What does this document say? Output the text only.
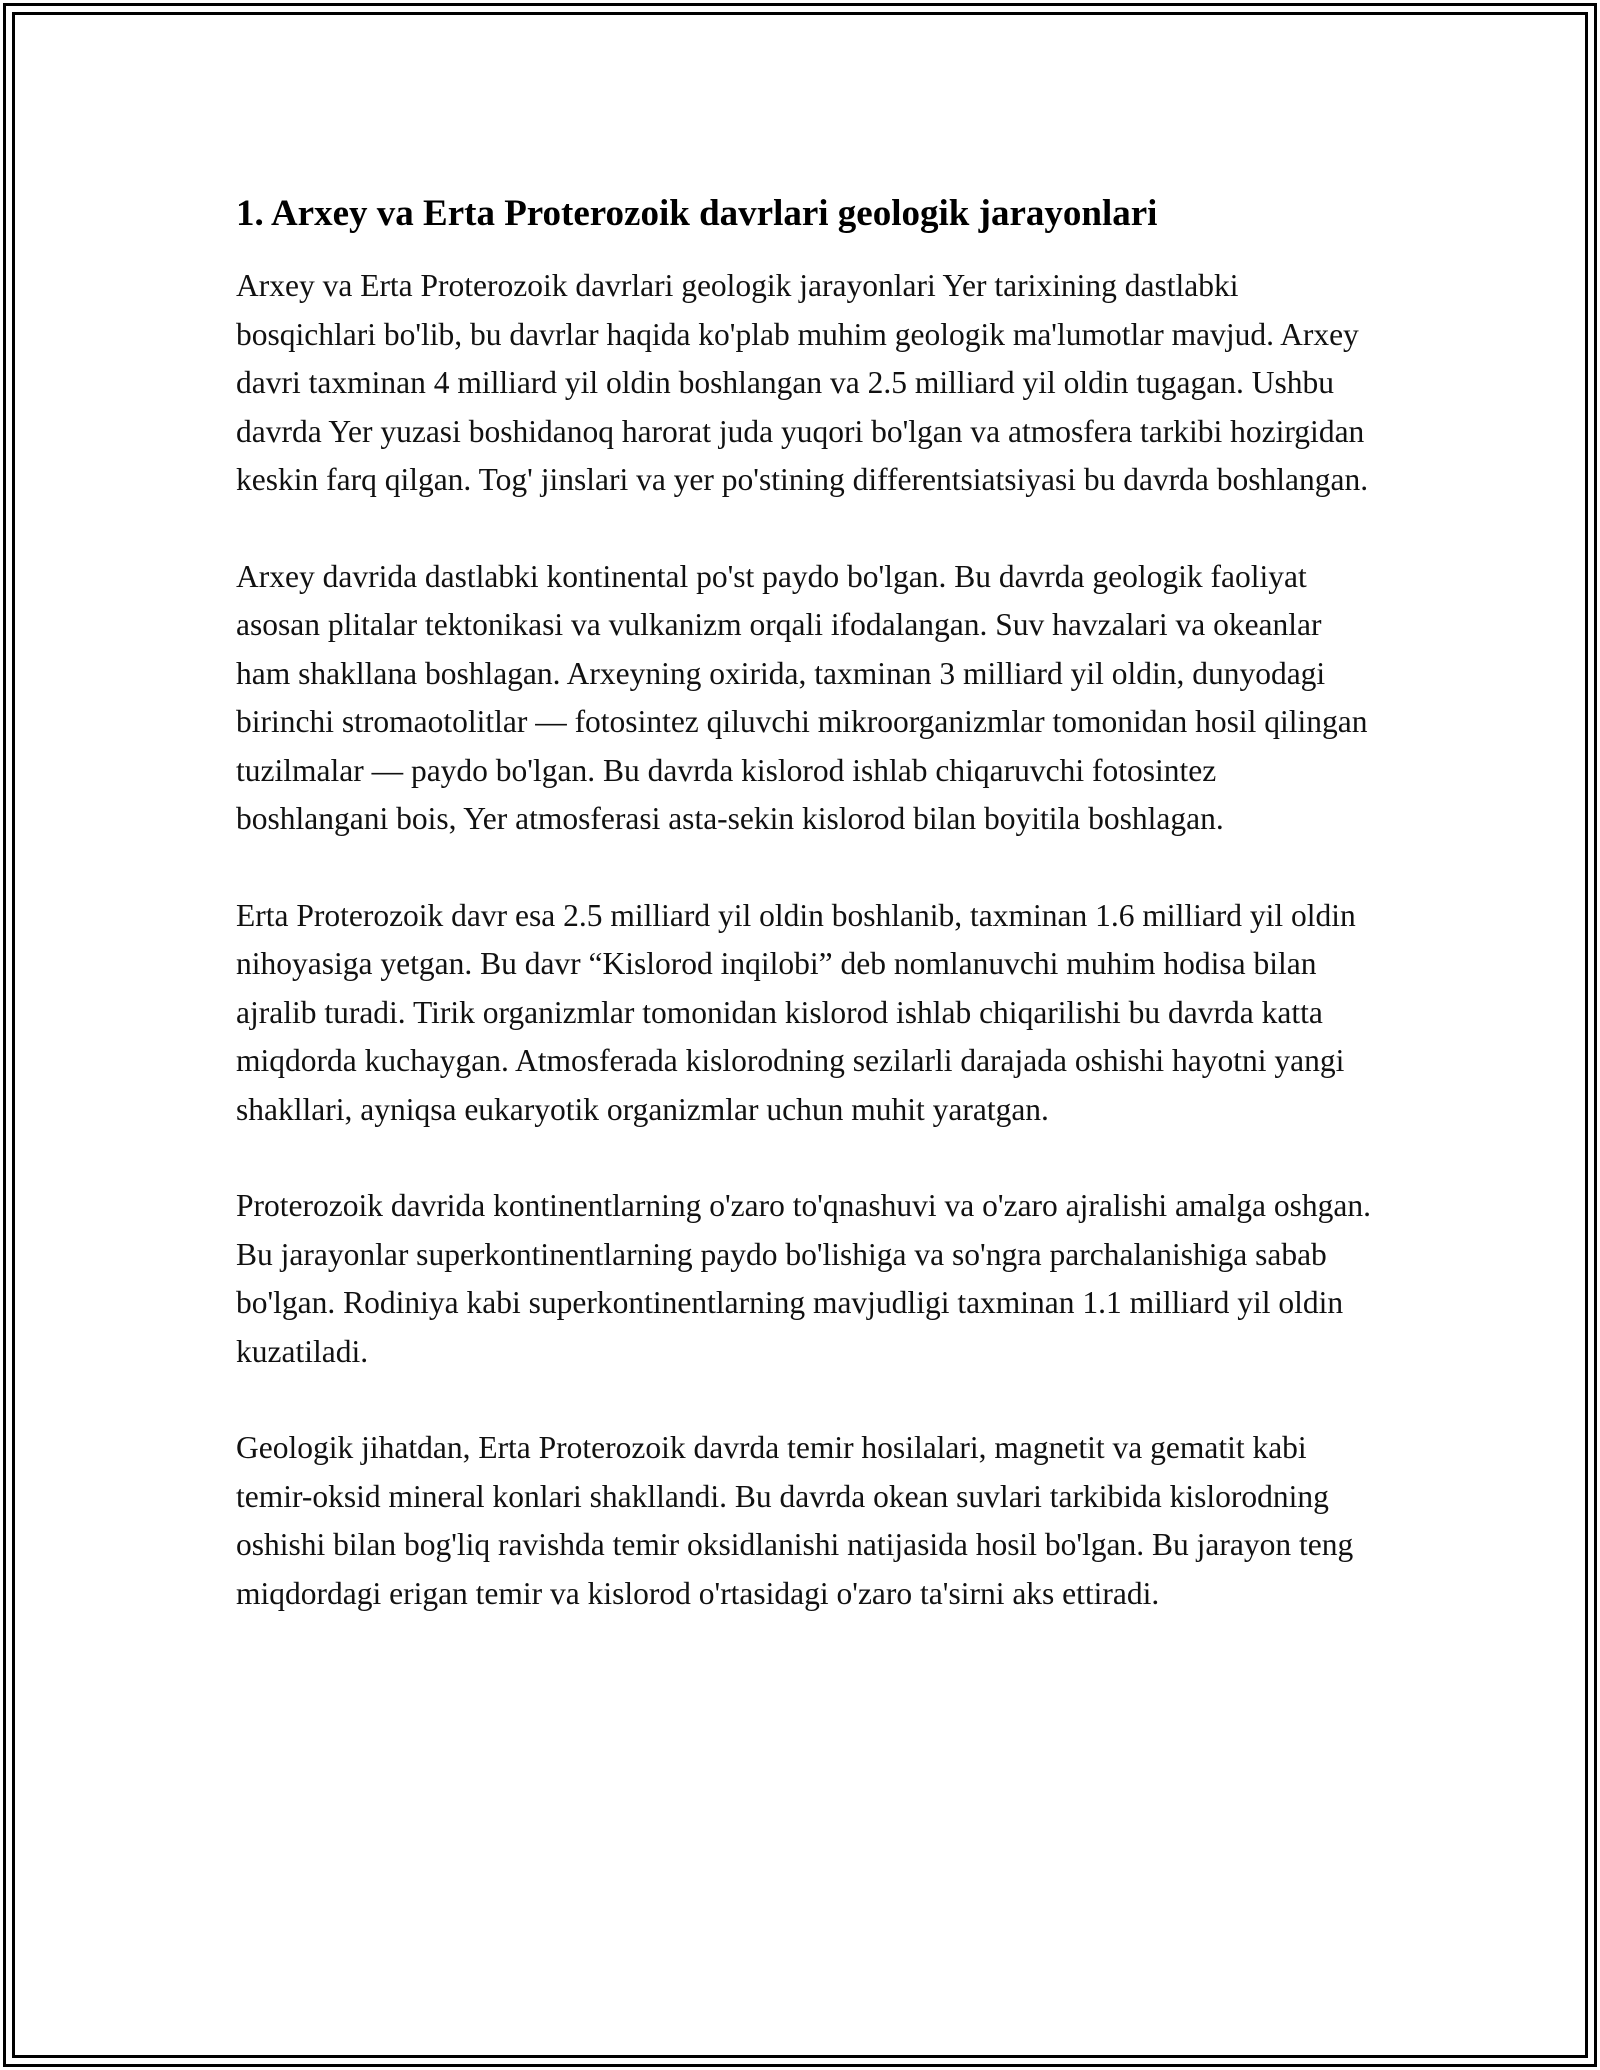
1. Arxey va Erta Proterozoik davrlari geologik jarayonlari

Arxey va Erta Proterozoik davrlari geologik jarayonlari Yer tarixining dastlabki bosqichlari bo'lib, bu davrlar haqida ko'plab muhim geologik ma'lumotlar mavjud. Arxey davri taxminan 4 milliard yil oldin boshlangan va 2.5 milliard yil oldin tugagan. Ushbu davrda Yer yuzasi boshidanoq harorat juda yuqori bo'lgan va atmosfera tarkibi hozirgidan keskin farq qilgan. Tog' jinslari va yer po'stining differentsiatsiyasi bu davrda boshlangan.

Arxey davrida dastlabki kontinental po'st paydo bo'lgan. Bu davrda geologik faoliyat asosan plitalar tektonikasi va vulkanizm orqali ifodalangan. Suv havzalari va okeanlar ham shakllana boshlagan. Arxeyning oxirida, taxminan 3 milliard yil oldin, dunyodagi birinchi stromaotolitlar — fotosintez qiluvchi mikroorganizmlar tomonidan hosil qilingan tuzilmalar — paydo bo'lgan. Bu davrda kislorod ishlab chiqaruvchi fotosintez boshlangani bois, Yer atmosferasi asta-sekin kislorod bilan boyitila boshlagan.

Erta Proterozoik davr esa 2.5 milliard yil oldin boshlanib, taxminan 1.6 milliard yil oldin nihoyasiga yetgan. Bu davr “Kislorod inqilobi” deb nomlanuvchi muhim hodisa bilan ajralib turadi. Tirik organizmlar tomonidan kislorod ishlab chiqarilishi bu davrda katta miqdorda kuchaygan. Atmosferada kislorodning sezilarli darajada oshishi hayotni yangi shakllari, ayniqsa eukaryotik organizmlar uchun muhit yaratgan.

Proterozoik davrida kontinentlarning o'zaro to'qnashuvi va o'zaro ajralishi amalga oshgan. Bu jarayonlar superkontinentlarning paydo bo'lishiga va so'ngra parchalanishiga sabab bo'lgan. Rodiniya kabi superkontinentlarning mavjudligi taxminan 1.1 milliard yil oldin kuzatiladi.

Geologik jihatdan, Erta Proterozoik davrda temir hosilalari, magnetit va gematit kabi temir-oksid mineral konlari shakllandi. Bu davrda okean suvlari tarkibida kislorodning oshishi bilan bog'liq ravishda temir oksidlanishi natijasida hosil bo'lgan. Bu jarayon teng miqdordagi erigan temir va kislorod o'rtasidagi o'zaro ta'sirni aks ettiradi.
